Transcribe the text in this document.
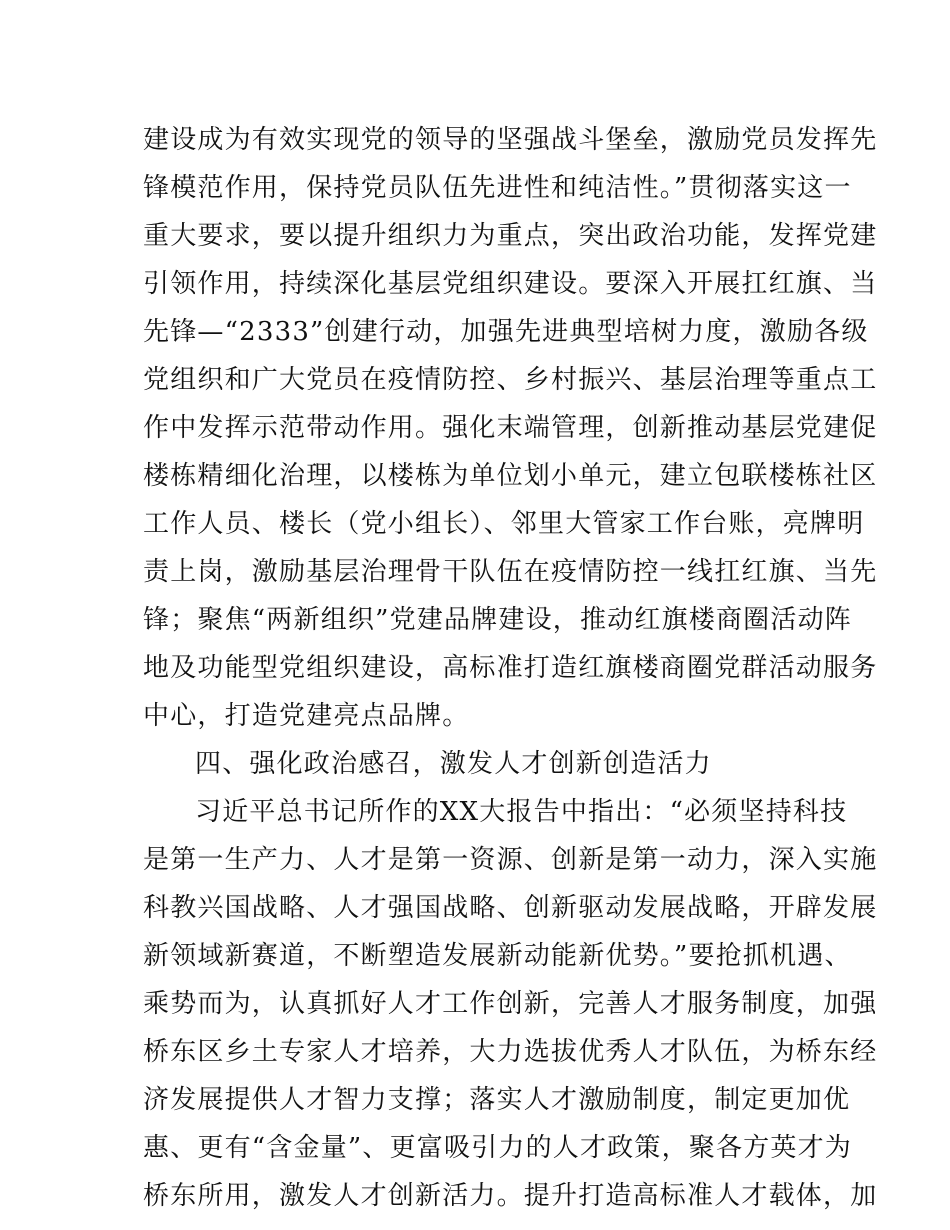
建设成为有效实现党的领导的坚强战斗堡垒，激励党员发挥先
锋模范作用，保持党员队伍先进性和纯洁性。”贯彻落实这一
重大要求，要以提升组织力为重点，突出政治功能，发挥党建
引领作用，持续深化基层党组织建设。要深入开展扛红旗、当
先锋—“2333”创建行动，加强先进典型培树力度，激励各级
党组织和广大党员在疫情防控、乡村振兴、基层治理等重点工
作中发挥示范带动作用。强化末端管理，创新推动基层党建促
楼栋精细化治理，以楼栋为单位划小单元，建立包联楼栋社区
工作人员、楼长（党小组长）、邻里大管家工作台账，亮牌明
责上岗，激励基层治理骨干队伍在疫情防控一线扛红旗、当先
锋；聚焦“两新组织”党建品牌建设，推动红旗楼商圈活动阵
地及功能型党组织建设，高标准打造红旗楼商圈党群活动服务
中心，打造党建亮点品牌。
四、强化政治感召，激发人才创新创造活力
习近平总书记所作的XX大报告中指出：“必须坚持科技
是第一生产力、人才是第一资源、创新是第一动力，深入实施
科教兴国战略、人才强国战略、创新驱动发展战略，开辟发展
新领域新赛道，不断塑造发展新动能新优势。”要抢抓机遇、
乘势而为，认真抓好人才工作创新，完善人才服务制度，加强
桥东区乡土专家人才培养，大力选拔优秀人才队伍，为桥东经
济发展提供人才智力支撑；落实人才激励制度，制定更加优
惠、更有“含金量”、更富吸引力的人才政策，聚各方英才为
桥东所用，激发人才创新活力。提升打造高标准人才载体，加
